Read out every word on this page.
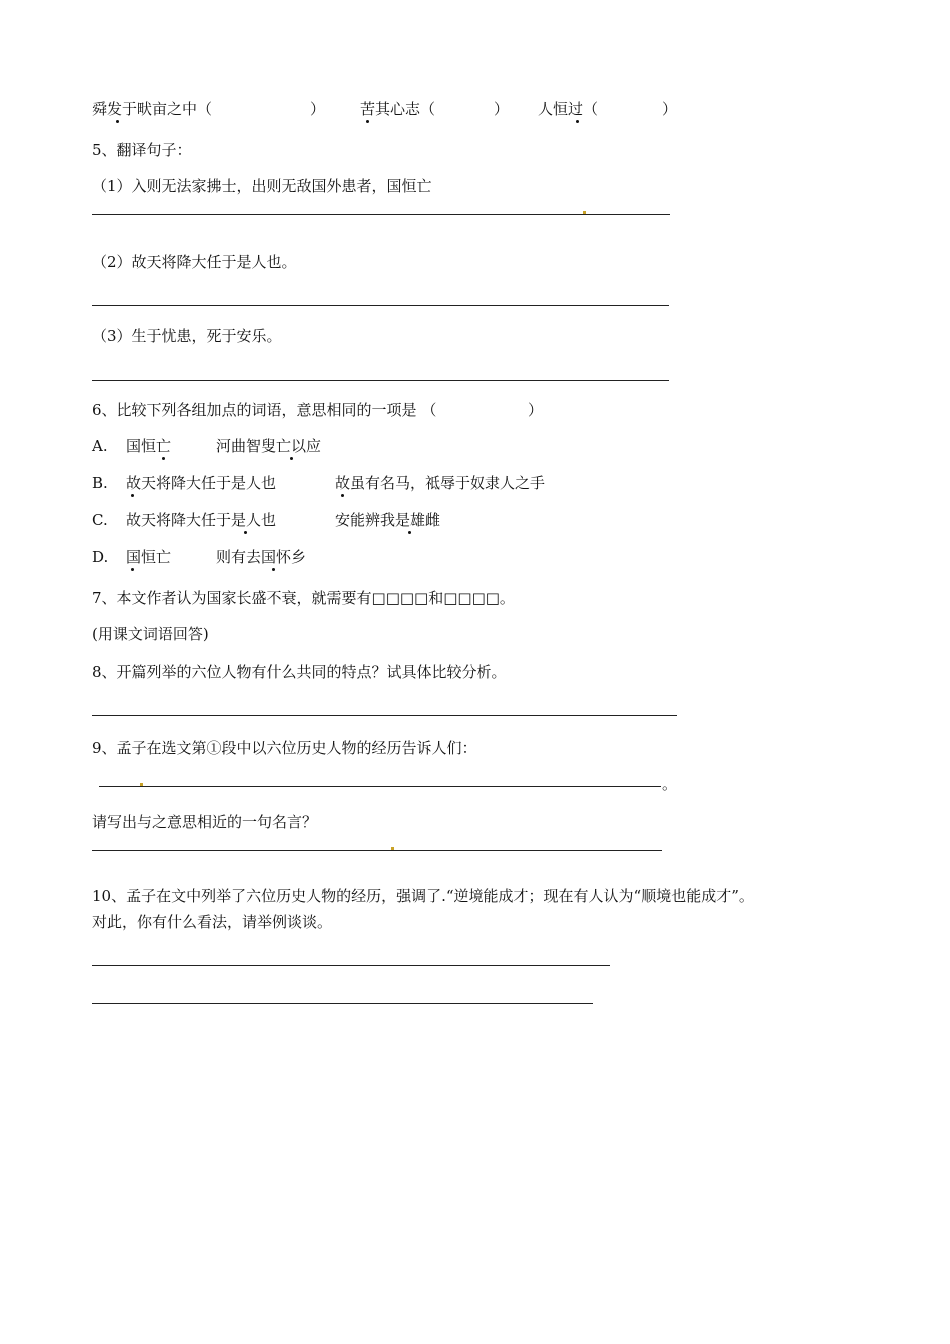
舜发于畎亩之中（	） 苦其心志（	） 人恒过（	）
5、翻译句子：
（1）入则无法家拂士，出则无敌国外患者，国恒亡
（2）故天将降大任于是人也。
（3）生于忧患，死于安乐。
6、比较下列各组加点的词语，意思相同的一项是 （	）
A. 国恒亡	河曲智叟亡以应
B. 故天将降大任于是人也	故虽有名马，祗辱于奴隶人之手
C. 故天将降大任于是人也	安能辨我是雄雌
D. 国恒亡	则有去国怀乡
7、本文作者认为国家长盛不衰，就需要有□□□□和□□□□。
(用课文词语回答)
8、开篇列举的六位人物有什么共同的特点？试具体比较分析。
9、孟子在选文第①段中以六位历史人物的经历告诉人们：
。
请写出与之意思相近的一句名言？
10、孟子在文中列举了六位历史人物的经历，强调了.“逆境能成才；现在有人认为“顺境也能成才”。
对此，你有什么看法，请举例谈谈。
